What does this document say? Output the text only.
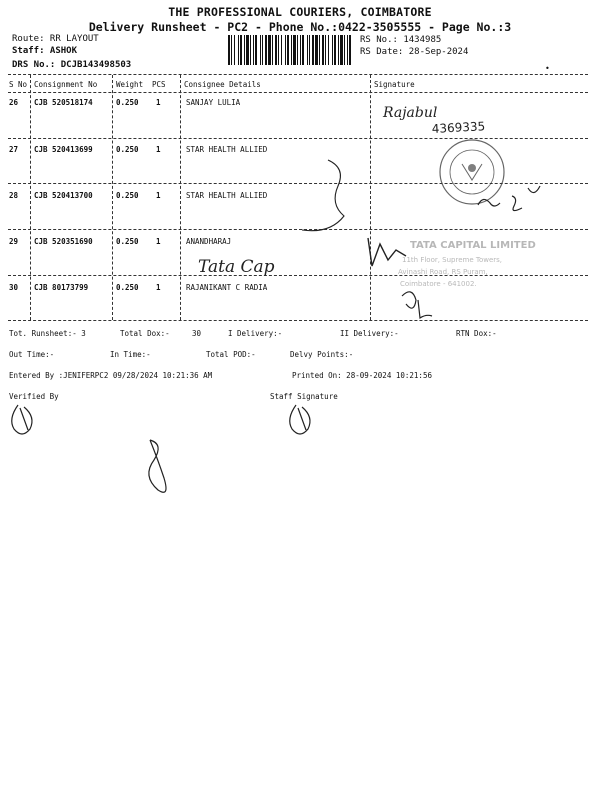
THE PROFESSIONAL COURIERS, COIMBATORE
Delivery Runsheet - PC2 - Phone No.:0422-3505555 - Page No.:3
Route: RR LAYOUT
Staff: ASHOK
DRS No.: DCJB143498503
RS No.: 1434985
RS Date: 28-Sep-2024
•
S No Consignment No	Weight PCS Consignee Details	Signature
26 CJB 520518174	0.250 1	SANJAY LULIA
27 CJB 520413699	0.250 1	STAR HEALTH ALLIED
28 CJB 520413700	0.250 1	STAR HEALTH ALLIED
29 CJB 520351690	0.250 1	ANANDHARAJ
30 CJB 80173799	0.250 1	RAJANIKANT C RADIA
Rajabul
4369335
Tata Cap
TATA CAPITAL LIMITED
11th Floor, Supreme Towers,
Avinashi Road, RS Puram,
Coimbatore - 641002.
Tot. Runsheet:- 3	Total Dox:-	30	I Delivery:-	II Delivery:-	RTN Dox:-
Out Time:-	In Time:-	Total POD:-	Delvy Points:-
Entered By :JENIFERPC2 09/28/2024 10:21:36 AM	Printed On: 28-09-2024 10:21:56
Verified By	Staff Signature
